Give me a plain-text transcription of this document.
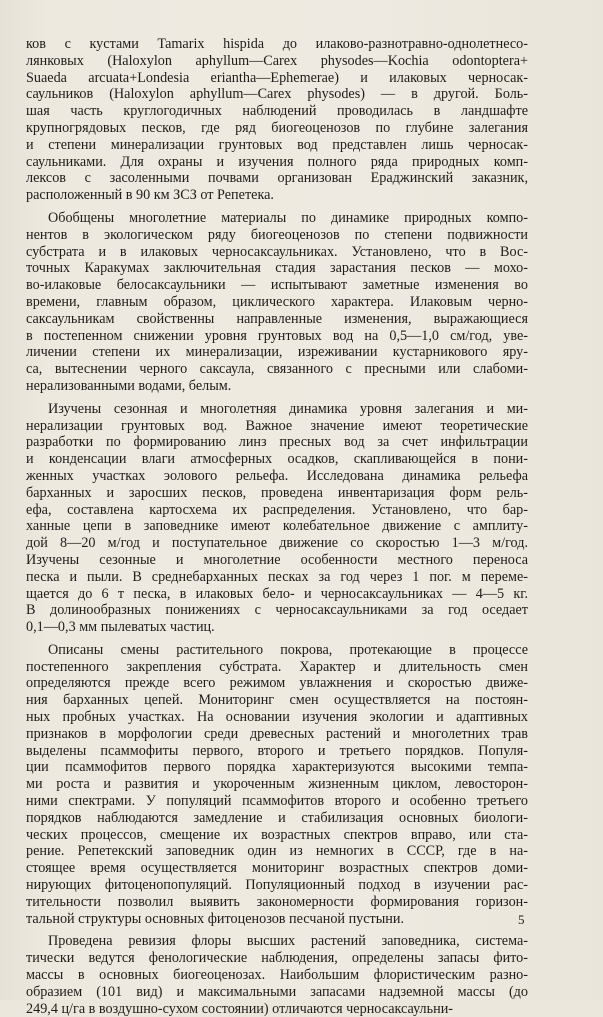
ков с кустами Tamarix hispida до илаково-разнотравно-однолетнесо-
лянковых (Haloxylon aphyllum—Carex physodes—Kochia odontoptera+
Suaeda arcuata+Londesia eriantha—Ephemerae) и илаковых черносак-
саульников (Haloxylon aphyllum—Carex physodes) — в другой. Боль-
шая часть круглогодичных наблюдений проводилась в ландшафте
крупногрядовых песков, где ряд биогеоценозов по глубине залегания
и степени минерализации грунтовых вод представлен лишь черносак-
саульниками. Для охраны и изучения полного ряда природных комп-
лексов с засоленными почвами организован Ераджинский заказник,
расположенный в 90 км ЗСЗ от Репетека.
Обобщены многолетние материалы по динамике природных компо-
нентов в экологическом ряду биогеоценозов по степени подвижности
субстрата и в илаковых черносаксаульниках. Установлено, что в Вос-
точных Каракумах заключительная стадия зарастания песков — мохо-
во-илаковые белосаксаульники — испытывают заметные изменения во
времени, главным образом, циклического характера. Илаковым черно-
саксаульникам свойственны направленные изменения, выражающиеся
в постепенном снижении уровня грунтовых вод на 0,5—1,0 см/год, уве-
личении степени их минерализации, изреживании кустарникового яру-
са, вытеснении черного саксаула, связанного с пресными или слабоми-
нерализованными водами, белым.
Изучены сезонная и многолетняя динамика уровня залегания и ми-
нерализации грунтовых вод. Важное значение имеют теоретические
разработки по формированию линз пресных вод за счет инфильтрации
и конденсации влаги атмосферных осадков, скапливающейся в пони-
женных участках эолового рельефа. Исследована динамика рельефа
барханных и заросших песков, проведена инвентаризация форм рель-
ефа, составлена картосхема их распределения. Установлено, что бар-
ханные цепи в заповеднике имеют колебательное движение с амплиту-
дой 8—20 м/год и поступательное движение со скоростью 1—3 м/год.
Изучены сезонные и многолетние особенности местного переноса
песка и пыли. В среднебарханных песках за год через 1 пог. м переме-
щается до 6 т песка, в илаковых бело- и черносаксаульниках — 4—5 кг.
В долинообразных понижениях с черносаксаульниками за год оседает
0,1—0,3 мм пылеватых частиц.
Описаны смены растительного покрова, протекающие в процессе
постепенного закрепления субстрата. Характер и длительность смен
определяются прежде всего режимом увлажнения и скоростью движе-
ния барханных цепей. Мониторинг смен осуществляется на постоян-
ных пробных участках. На основании изучения экологии и адаптивных
признаков в морфологии среди древесных растений и многолетних трав
выделены псаммофиты первого, второго и третьего порядков. Популя-
ции псаммофитов первого порядка характеризуются высокими темпа-
ми роста и развития и укороченным жизненным циклом, левосторон-
ними спектрами. У популяций псаммофитов второго и особенно третьего
порядков наблюдаются замедление и стабилизация основных биологи-
ческих процессов, смещение их возрастных спектров вправо, или ста-
рение. Репетекский заповедник один из немногих в СССР, где в на-
стоящее время осуществляется мониторинг возрастных спектров доми-
нирующих фитоценопопуляций. Популяционный подход в изучении рас-
тительности позволил выявить закономерности формирования горизон-
тальной структуры основных фитоценозов песчаной пустыни.
Проведена ревизия флоры высших растений заповедника, система-
тически ведутся фенологические наблюдения, определены запасы фито-
массы в основных биогеоценозах. Наибольшим флористическим разно-
образием (101 вид) и максимальными запасами надземной массы (до
249,4 ц/га в воздушно-сухом состоянии) отличаются черносаксаульни-
5
